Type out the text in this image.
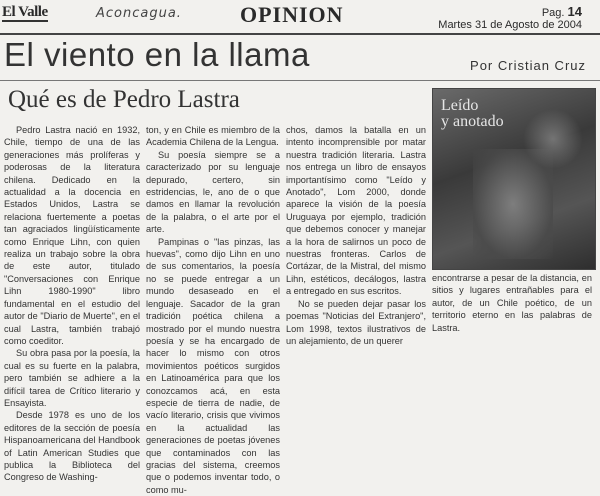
El Valle	Aconcagua.	OPINION	Pag. 14
Martes 31 de Agosto de 2004
El viento en la llama	Por Cristian Cruz
Qué es de Pedro Lastra

Pedro Lastra nació en 1932, Chile, tiempo de una de las generaciones más prolíferas y poderosas de la literatura chilena. Dedicado en la actualidad a la docencia en Estados Unidos, Lastra se relaciona fuertemente a poetas tan agraciados lingüísticamente como Enrique Lihn, con quien realiza un trabajo sobre la obra de este autor, titulado "Conversaciones con Enrique Lihn 1980-1990" libro fundamental en el estudio del autor de "Diario de Muerte", en el cual Lastra, también trabajó como coeditor.

Su obra pasa por la poesía, la cual es su fuerte en la palabra, pero también se adhiere a la difícil tarea de Crítico literario y Ensayista.

Desde 1978 es uno de los editores de la sección de poesía Hispanoamericana del Handbook of Latin American Studies que publica la Biblioteca del Congreso de Washing-

ton, y en Chile es miembro de la Academia Chilena de la Lengua.

Su poesía siempre se a caracterizado por su lenguaje depurado, certero, sin estridencias, le, ano de o que damos en llamar la revolución de la palabra, o el arte por el arte.

Pampinas o "las pinzas, las huevas", como dijo Lihn en uno de sus comentarios, la poesía no se puede entregar a un mundo desaseado en el lenguaje. Sacador de la gran tradición poética chilena a mostrado por el mundo nuestra poesía y se ha encargado de hacer lo mismo con otros movimientos poéticos surgidos en Latinoamérica para que los conozcamos acá, en esta especie de tierra de nadie, de vacío literario, crisis que vivimos en la actualidad las generaciones de poetas jóvenes que contaminados con las gracias del sistema, creemos que o podemos inventar todo, o como mu-

chos, damos la batalla en un intento incomprensible por matar nuestra tradición literaria. Lastra nos entrega un libro de ensayos importantísimo como "Leído y Anotado", Lom 2000, donde aparece la visión de la poesía Uruguaya por ejemplo, tradición que debemos conocer y manejar a la hora de salirnos un poco de nuestras fronteras. Carlos de Cortázar, de la Mistral, del mismo Lihn, estéticos, decálogos, lastra a entregado en sus escritos.

No se pueden dejar pasar los poemas "Noticias del Extranjero", Lom 1998, textos ilustrativos de un alejamiento, de un querer

Leído
y anotado

encontrarse a pesar de la distancia, en sitios y lugares entrañables para el autor, de un Chile poético, de un territorio eterno en las palabras de Lastra.
